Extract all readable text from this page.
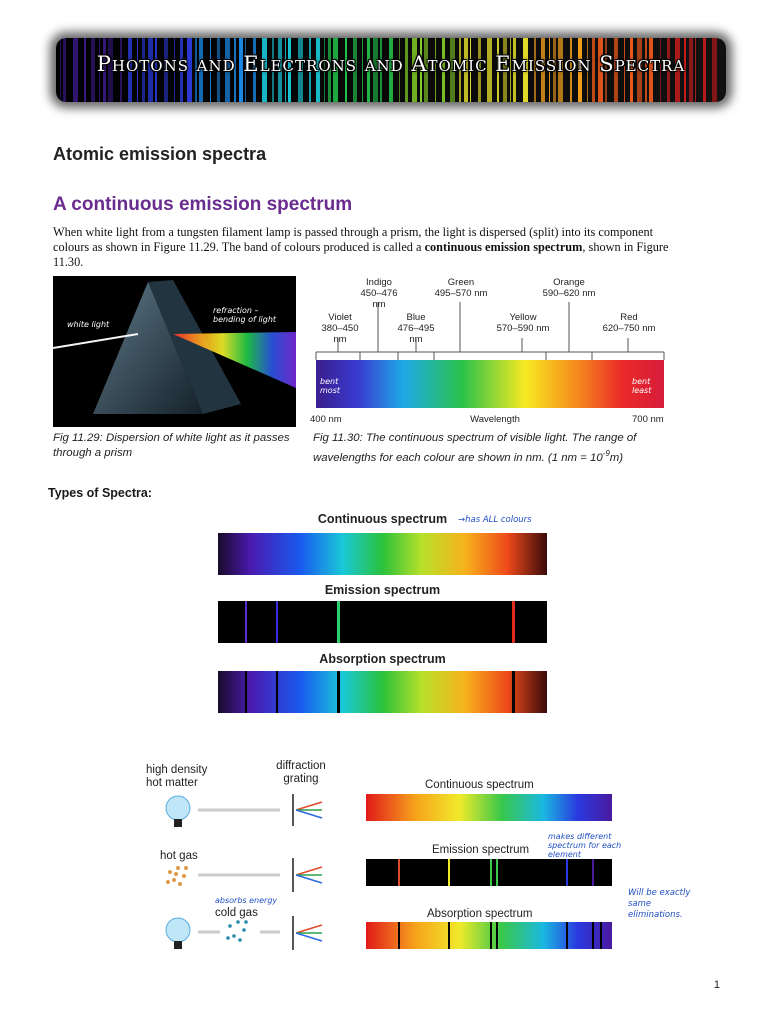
Photons and Electrons and Atomic Emission Spectra
Atomic emission spectra
A continuous emission spectrum
When white light from a tungsten filament lamp is passed through a prism, the light is dispersed (split) into its component colours as shown in Figure 11.29. The band of colours produced is called a continuous emission spectrum, shown in Figure 11.30.
white light
refraction – bending of light
Fig 11.29: Dispersion of white light as it passes through a prism
Violet
380–450 nm
Indigo
450–476 nm
Blue
476–495 nm
Green
495–570 nm
Yellow
570–590 nm
Orange
590–620 nm
Red
620–750 nm
bent most
bent least
400 nm	Wavelength	700 nm
Fig 11.30: The continuous spectrum of visible light. The range of wavelengths for each colour are shown in nm. (1 nm = $10^{-9}m$)
Types of Spectra:
Continuous spectrum	→has ALL colours
Emission spectrum
Absorption spectrum
high density hot matter
diffraction grating
hot gas
cold gas
absorbs energy
Continuous spectrum
Emission spectrum
makes different spectrum for each element
Will be exactly same eliminations.
Absorption spectrum
1
